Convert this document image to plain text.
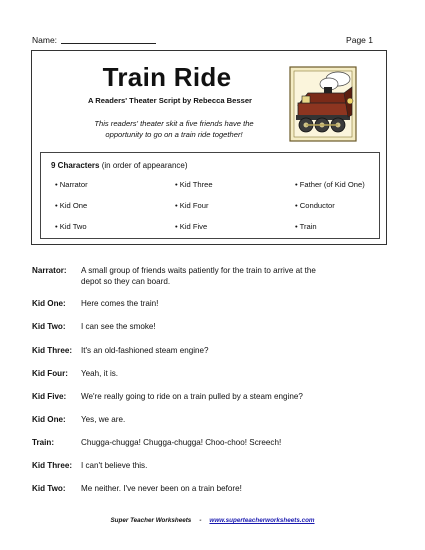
Name:	Page 1
Train Ride
A Readers' Theater Script by Rebecca Besser
This readers' theater skit a five friends have the
opportunity to go on a train ride together!
9 Characters (in order of appearance)
• Narrator	• Kid Three	• Father (of Kid One)
• Kid One	• Kid Four	• Conductor
• Kid Two	• Kid Five	• Train
Narrator:	A small group of friends waits patiently for the train to arrive at the
depot so they can board.
Kid One:	Here comes the train!
Kid Two:	I can see the smoke!
Kid Three:	It's an old-fashioned steam engine?
Kid Four:	Yeah, it is.
Kid Five:	We're really going to ride on a train pulled by a steam engine?
Kid One:	Yes, we are.
Train:	Chugga-chugga! Chugga-chugga! Choo-choo! Screech!
Kid Three:	I can't believe this.
Kid Two:	Me neither. I've never been on a train before!
Super Teacher Worksheets - www.superteacherworksheets.com
